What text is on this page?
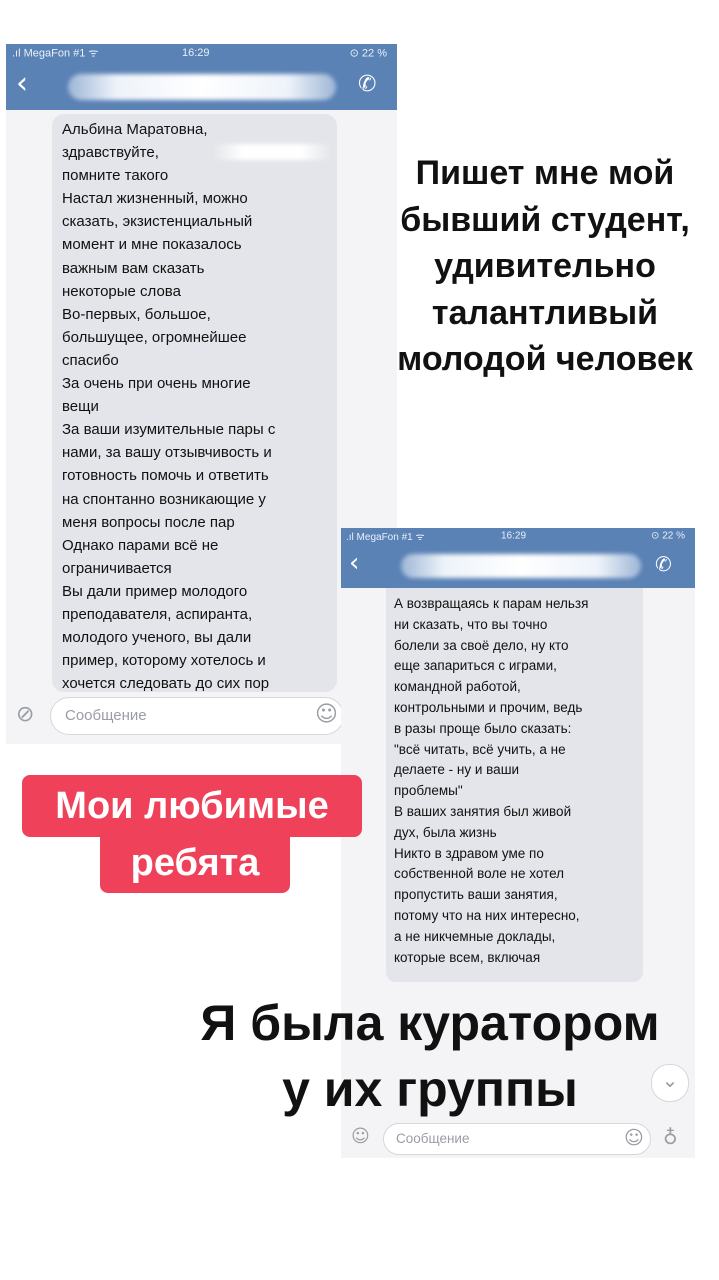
.ıl MegaFon #1 ᯤ	16:29	⊙ 22 %
‹	✆
Альбина Маратовна,
здравствуйте,
помните такого
Настал жизненный, можно
сказать, экзистенциальный
момент и мне показалось
важным вам сказать
некоторые слова
Во-первых, большое,
большущее, огромнейшее
спасибо
За очень при очень многие
вещи
За ваши изумительные пары с
нами, за вашу отзывчивость и
готовность помочь и ответить
на спонтанно возникающие у
меня вопросы после пар
Однако парами всё не
ограничивается
Вы дали пример молодого
преподавателя, аспиранта,
молодого ученого, вы дали
пример, которому хотелось и
хочется следовать до сих пор
⊘ Сообщение	☺
Пишет мне мой
бывший студент,
удивительно
талантливый
молодой человек
.ıl MegaFon #1 ᯤ	16:29	⊙ 22 %
‹	✆
А возвращаясь к парам нельзя
ни сказать, что вы точно
болели за своё дело, ну кто
еще запариться с играми,
командной работой,
контрольными и прочим, ведь
в разы проще было сказать:
"всё читать, всё учить, а не
делаете - ну и ваши
проблемы"
В ваших занятия был живой
дух, была жизнь
Никто в здравом уме по
собственной воле не хотел
пропустить ваши занятия,
потому что на них интересно,
а не никчемные доклады,
которые всем, включая
⌄
☺ Сообщение	☺ ♁
Мои любимые
ребята
Я была куратором
у их группы
